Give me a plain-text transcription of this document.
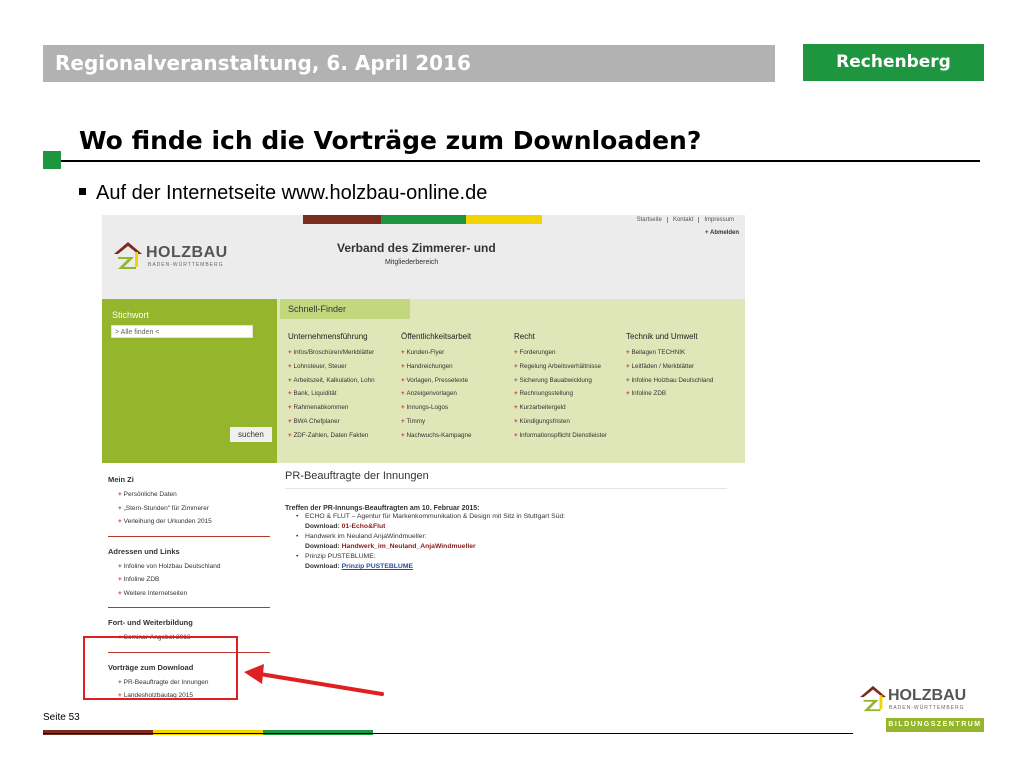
Regionalveranstaltung, 6. April 2016	Rechenberg
Wo finde ich die Vorträge zum Downloaden?
Auf der Internetseite www.holzbau-online.de
Startseite Kontakt Impressum
+ Abmelden
HOLZBAU
BADEN-WÜRTTEMBERG
Verband des Zimmerer- und
Mitgliederbereich
Stichwort
> Alle finden <
suchen
Schnell-Finder
Unternehmensführung
+ Infos/Broschüren/Merkblätter
+ Lohnsteuer, Steuer
+ Arbeitszeit, Kalkulation, Lohn
+ Bank, Liquidität
+ Rahmenabkommen
+ BWA Chefplaner
+ ZDF-Zahlen, Daten Fakten
Öffentlichkeitsarbeit
+ Kunden-Flyer
+ Handreichungen
+ Vorlagen, Pressetexte
+ Anzeigenvorlagen
+ Innungs-Logos
+ Timmy
+ Nachwuchs-Kampagne
Recht
+ Forderungen
+ Regelung Arbeitsverhältnisse
+ Sicherung Bauabwicklung
+ Rechnungsstellung
+ Kurzarbeitergeld
+ Kündigungsfristen
+ Informationspflicht Dienstleister
Technik und Umwelt
+ Beilagen TECHNIK
+ Leitfäden / Merkblätter
+ Infoline Holzbau Deutschland
+ Infoline ZDB
Mein Zi
+ Persönliche Daten
+ „Stern-Stunden" für Zimmerer
+ Verleihung der Urkunden 2015
Adressen und Links
+ Infoline von Holzbau Deutschland
+ Infoline ZDB
+ Weitere Internetseiten
Fort- und Weiterbildung
+ Seminar-Angebot 2016
Vorträge zum Download
+ PR-Beauftragte der Innungen
+ Landesholzbautag 2015
PR-Beauftragte der Innungen
Treffen der PR-Innungs-Beauftragten am 10. Februar 2015:
• ECHO & FLUT – Agentur für Markenkommunikation & Design mit Sitz in Stuttgart Süd:
Download: 01-Echo&Flut
• Handwerk im Neuland AnjaWindmueller:
Download: Handwerk_im_Neuland_AnjaWindmueller
• Prinzip PUSTEBLUME:
Download: Prinzip PUSTEBLUME
Seite 53
HOLZBAU
BADEN-WÜRTTEMBERG
BILDUNGSZENTRUM
